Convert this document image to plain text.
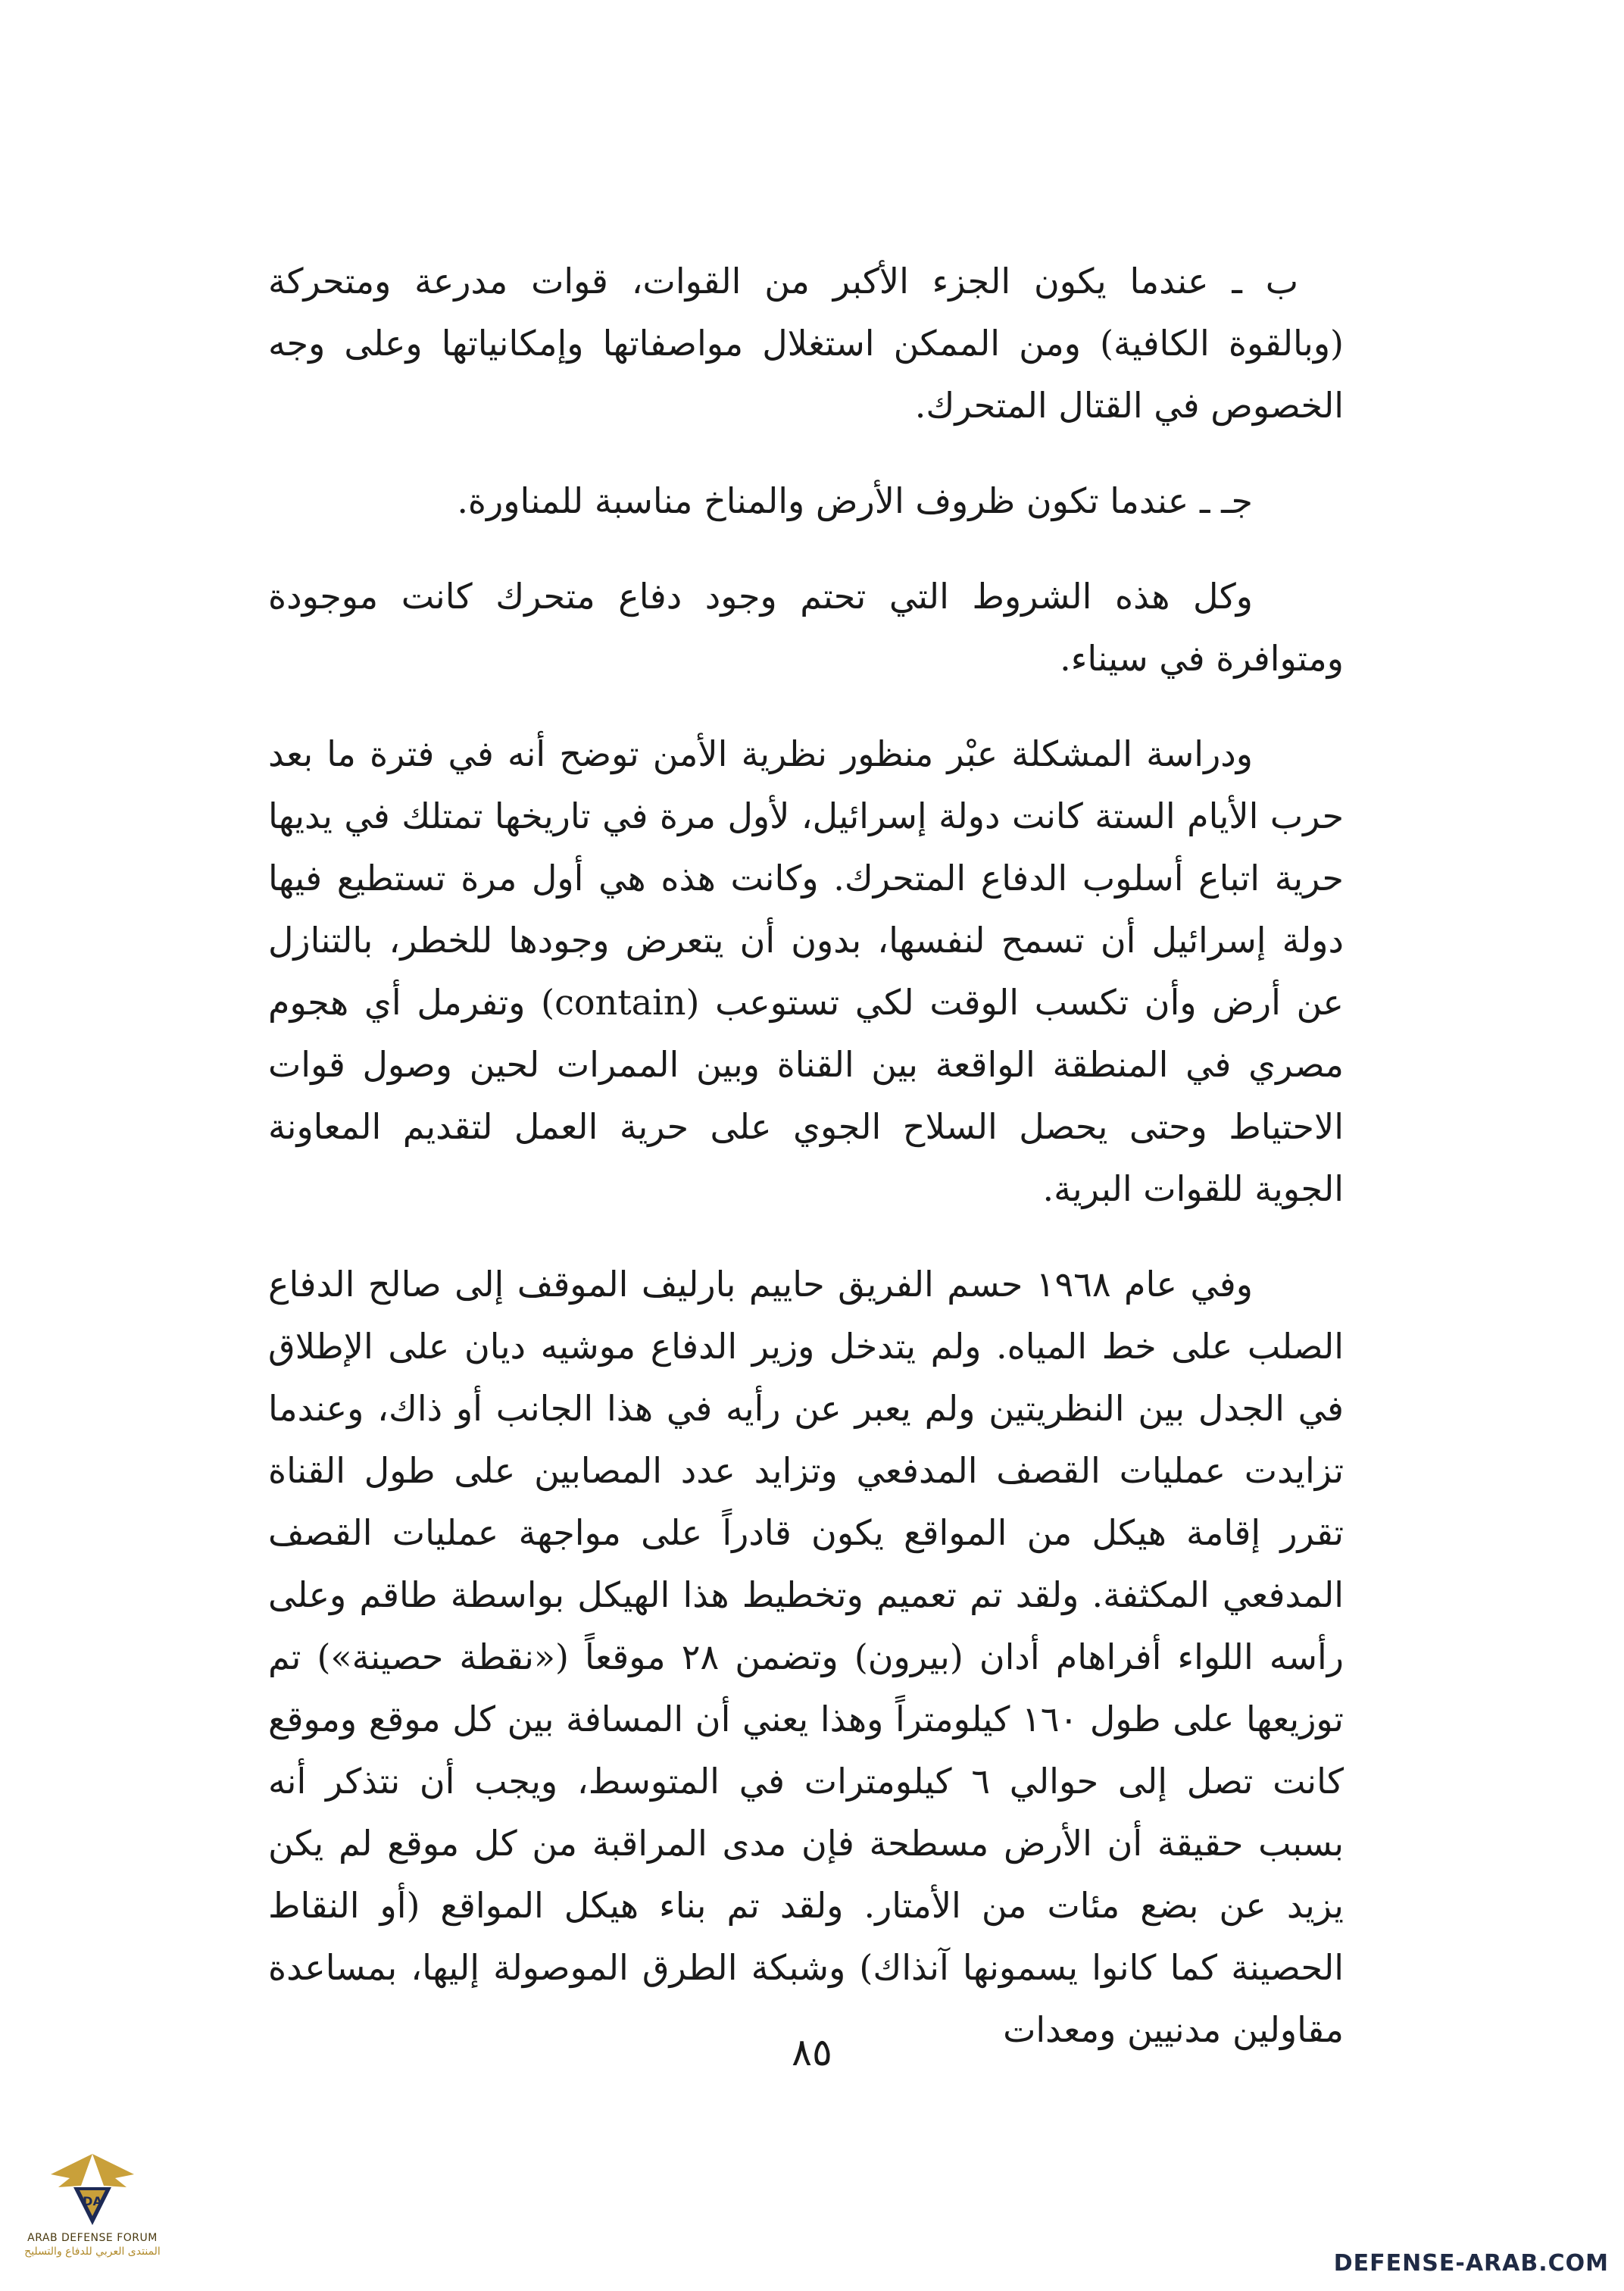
ب ـ عندما يكون الجزء الأكبر من القوات، قوات مدرعة ومتحركة (وبالقوة الكافية) ومن الممكن استغلال مواصفاتها وإمكانياتها وعلى وجه الخصوص في القتال المتحرك.

جـ ـ عندما تكون ظروف الأرض والمناخ مناسبة للمناورة.

وكل هذه الشروط التي تحتم وجود دفاع متحرك كانت موجودة ومتوافرة في سيناء.

ودراسة المشكلة عبْر منظور نظرية الأمن توضح أنه في فترة ما بعد حرب الأيام الستة كانت دولة إسرائيل، لأول مرة في تاريخها تمتلك في يديها حرية اتباع أسلوب الدفاع المتحرك. وكانت هذه هي أول مرة تستطيع فيها دولة إسرائيل أن تسمح لنفسها، بدون أن يتعرض وجودها للخطر، بالتنازل عن أرض وأن تكسب الوقت لكي تستوعب (contain) وتفرمل أي هجوم مصري في المنطقة الواقعة بين القناة وبين الممرات لحين وصول قوات الاحتياط وحتى يحصل السلاح الجوي على حرية العمل لتقديم المعاونة الجوية للقوات البرية.

وفي عام ١٩٦٨ حسم الفريق حاييم بارليف الموقف إلى صالح الدفاع الصلب على خط المياه. ولم يتدخل وزير الدفاع موشيه ديان على الإطلاق في الجدل بين النظريتين ولم يعبر عن رأيه في هذا الجانب أو ذاك، وعندما تزايدت عمليات القصف المدفعي وتزايد عدد المصابين على طول القناة تقرر إقامة هيكل من المواقع يكون قادراً على مواجهة عمليات القصف المدفعي المكثفة. ولقد تم تعميم وتخطيط هذا الهيكل بواسطة طاقم وعلى رأسه اللواء أفراهام أدان (بيرون) وتضمن ٢٨ موقعاً («نقطة حصينة») تم توزيعها على طول ١٦٠ كيلومتراً وهذا يعني أن المسافة بين كل موقع وموقع كانت تصل إلى حوالي ٦ كيلومترات في المتوسط، ويجب أن نتذكر أنه بسبب حقيقة أن الأرض مسطحة فإن مدى المراقبة من كل موقع لم يكن يزيد عن بضع مئات من الأمتار. ولقد تم بناء هيكل المواقع (أو النقاط الحصينة كما كانوا يسمونها آنذاك) وشبكة الطرق الموصولة إليها، بمساعدة مقاولين مدنيين ومعدات

٨٥
DA
ARAB DEFENSE FORUM
المنتدى العربي للدفاع والتسليح	DEFENSE-ARAB.COM
